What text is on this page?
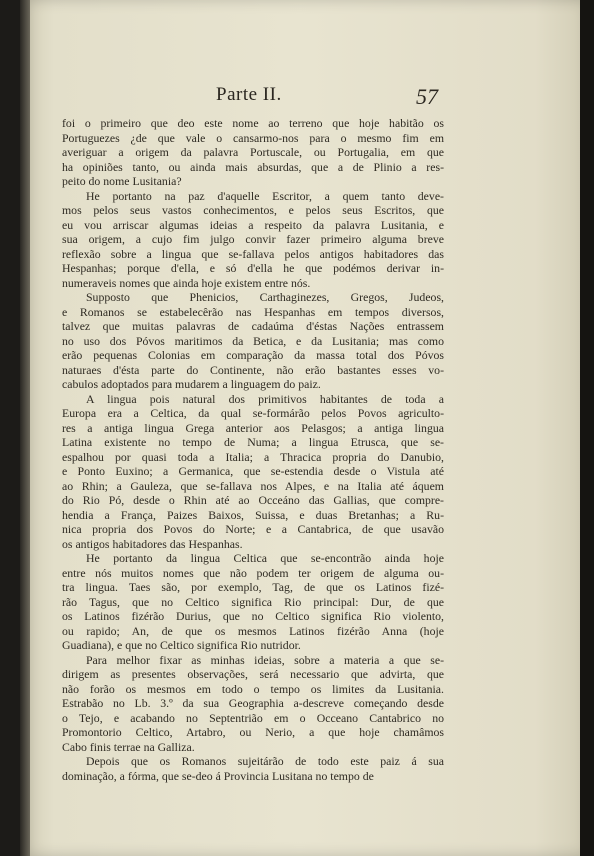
Parte II.	57

foi o primeiro que deo este nome ao terreno que hoje habitão os
Portuguezes ¿de que vale o cansarmo-nos para o mesmo fim em
averiguar a origem da palavra Portuscale, ou Portugalia, em que
ha opiniões tanto, ou ainda mais absurdas, que a de Plinio a res-
peito do nome Lusitania?

He portanto na paz d'aquelle Escritor, a quem tanto deve-
mos pelos seus vastos conhecimentos, e pelos seus Escritos, que
eu vou arriscar algumas ideias a respeito da palavra Lusitania, e
sua origem, a cujo fim julgo convir fazer primeiro alguma breve
reflexão sobre a lingua que se-fallava pelos antigos habitadores das
Hespanhas; porque d'ella, e só d'ella he que podémos derivar in-
numeraveis nomes que ainda hoje existem entre nós.

Supposto que Phenicios, Carthaginezes, Gregos, Judeos,
e Romanos se estabelecêrão nas Hespanhas em tempos diversos,
talvez que muitas palavras de cadaúma d'éstas Nações entrassem
no uso dos Póvos maritimos da Betica, e da Lusitania; mas como
erão pequenas Colonias em comparação da massa total dos Póvos
naturaes d'ésta parte do Continente, não erão bastantes esses vo-
cabulos adoptados para mudarem a linguagem do paiz.

A lingua pois natural dos primitivos habitantes de toda a
Europa era a Celtica, da qual se-formárão pelos Povos agriculto-
res a antiga lingua Grega anterior aos Pelasgos; a antiga lingua
Latina existente no tempo de Numa; a lingua Etrusca, que se-
espalhou por quasi toda a Italia; a Thracica propria do Danubio,
e Ponto Euxino; a Germanica, que se-estendia desde o Vistula até
ao Rhin; a Gauleza, que se-fallava nos Alpes, e na Italia até áquem
do Rio Pó, desde o Rhin até ao Occeáno das Gallias, que compre-
hendia a França, Paizes Baixos, Suissa, e duas Bretanhas; a Ru-
nica propria dos Povos do Norte; e a Cantabrica, de que usavão
os antigos habitadores das Hespanhas.

He portanto da lingua Celtica que se-encontrão ainda hoje
entre nós muitos nomes que não podem ter origem de alguma ou-
tra lingua. Taes são, por exemplo, Tag, de que os Latinos fizé-
rão Tagus, que no Celtico significa Rio principal: Dur, de que
os Latinos fizérão Durius, que no Celtico significa Rio violento,
ou rapido; An, de que os mesmos Latinos fizérão Anna (hoje
Guadiana), e que no Celtico significa Rio nutridor.

Para melhor fixar as minhas ideias, sobre a materia a que se-
dirigem as presentes observações, será necessario que advirta, que
não forão os mesmos em todo o tempo os limites da Lusitania.
Estrabão no Lb. 3.º da sua Geographia a-descreve começando desde
o Tejo, e acabando no Septentrião em o Occeano Cantabrico no
Promontorio Celtico, Artabro, ou Nerio, a que hoje chamâmos
Cabo finis terrae na Galliza.

Depois que os Romanos sujeitárão de todo este paiz á sua
dominação, a fórma, que se-deo á Provincia Lusitana no tempo de
